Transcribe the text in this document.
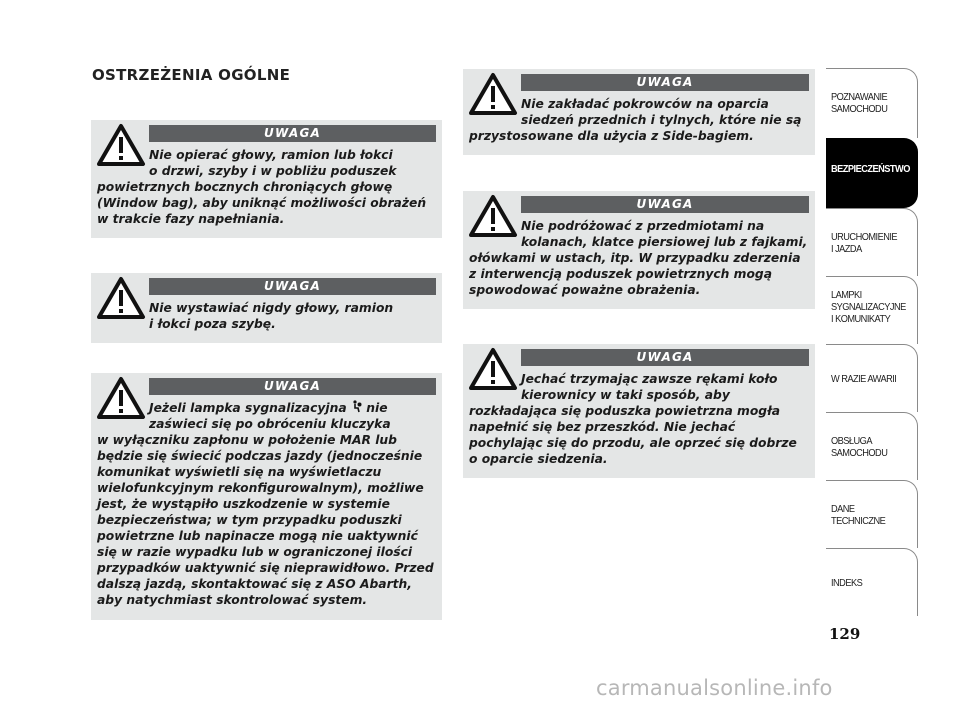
OSTRZEŻENIA OGÓLNE
UWAGA

Nie opierać głowy, ramion lub łokci
o drzwi, szyby i w pobliżu poduszek
powietrznych bocznych chroniących głowę
(Window bag), aby uniknąć możliwości obrażeń
w trakcie fazy napełniania.

UWAGA

Nie wystawiać nigdy głowy, ramion
i łokci poza szybę.

UWAGA

Jeżeli lampka sygnalizacyjna nie
zaświeci się po obróceniu kluczyka
w wyłączniku zapłonu w położenie MAR lub
będzie się świecić podczas jazdy (jednocześnie
komunikat wyświetli się na wyświetlaczu
wielofunkcyjnym rekonfigurowalnym), możliwe
jest, że wystąpiło uszkodzenie w systemie
bezpieczeństwa; w tym przypadku poduszki
powietrzne lub napinacze mogą nie uaktywnić
się w razie wypadku lub w ograniczonej ilości
przypadków uaktywnić się nieprawidłowo. Przed
dalszą jazdą, skontaktować się z ASO Abarth,
aby natychmiast skontrolować system.

UWAGA

Nie zakładać pokrowców na oparcia
siedzeń przednich i tylnych, które nie są
przystosowane dla użycia z Side-bagiem.

UWAGA

Nie podróżować z przedmiotami na
kolanach, klatce piersiowej lub z fajkami,
ołówkami w ustach, itp. W przypadku zderzenia
z interwencją poduszek powietrznych mogą
spowodować poważne obrażenia.

UWAGA

Jechać trzymając zawsze rękami koło
kierownicy w taki sposób, aby
rozkładająca się poduszka powietrzna mogła
napełnić się bez przeszkód. Nie jechać
pochylając się do przodu, ale oprzeć się dobrze
o oparcie siedzenia.

POZNAWANIE
SAMOCHODU
BEZPIECZEŃSTWO
URUCHOMIENIE
I JAZDA
LAMPKI
SYGNALIZACYJNE
I KOMUNIKATY
W RAZIE AWARII
OBSŁUGA
SAMOCHODU
DANE
TECHNICZNE
INDEKS
129
carmanualsonline.info
